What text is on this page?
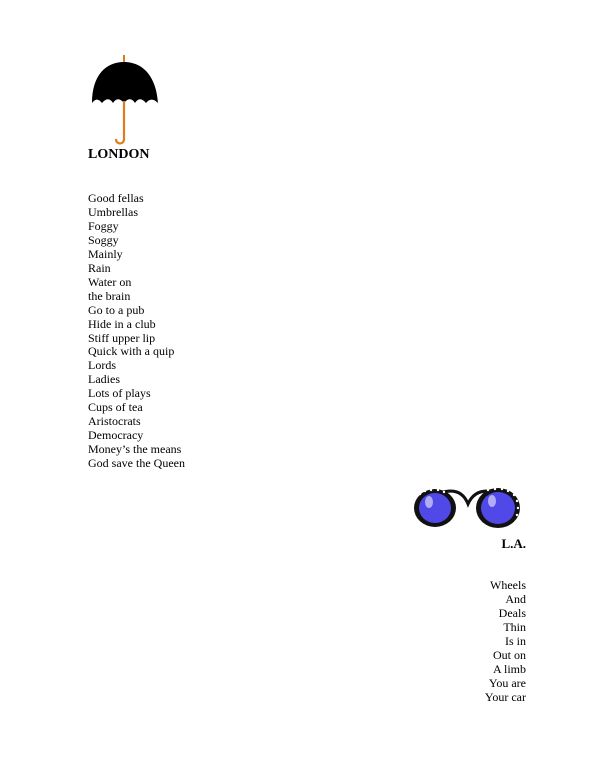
LONDON
Good fellas
Umbrellas
Foggy
Soggy
Mainly
Rain
Water on
the brain
Go to a pub
Hide in a club
Stiff upper lip
Quick with a quip
Lords
Ladies
Lots of plays
Cups of tea
Aristocrats
Democracy
Money’s the means
God save the Queen
L.A.
Wheels
And
Deals
Thin
Is in
Out on
A limb
You are
Your car
